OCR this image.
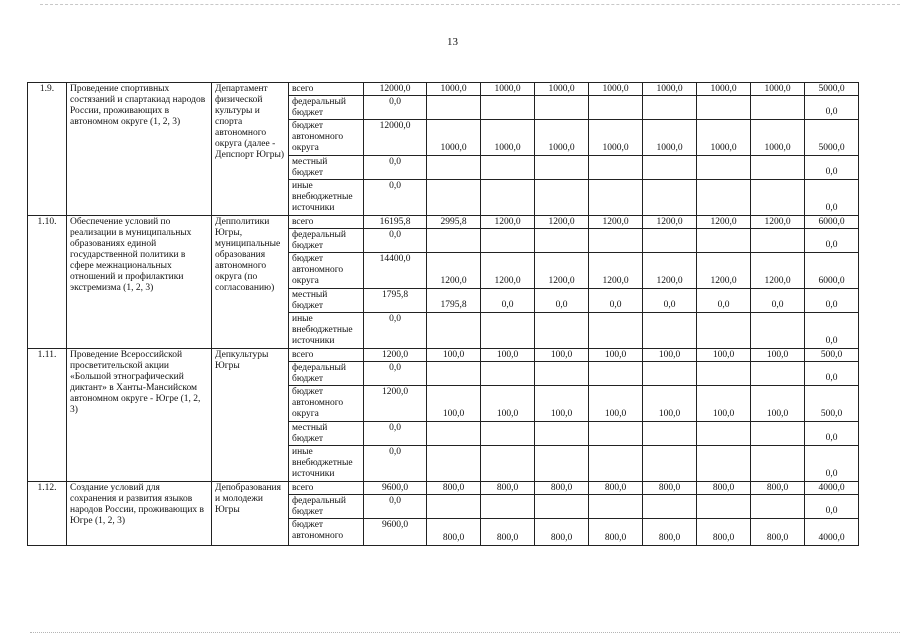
13
1.9.	Проведение спортивных состязаний и спартакиад народов России, проживающих в автономном округе (1, 2, 3)	Департамент физической культуры и спорта автономного округа (далее - Депспорт Югры)	всего	12000,0	1000,0	1000,0	1000,0	1000,0	1000,0	1000,0	1000,0	5000,0
			федеральный бюджет	0,0								0,0
			бюджет автономного округа	12000,0	1000,0	1000,0	1000,0	1000,0	1000,0	1000,0	1000,0	5000,0
			местный бюджет	0,0								0,0
			иные внебюджетные источники	0,0								0,0
1.10.	Обеспечение условий по реализации в муниципальных образованиях единой государственной политики в сфере межнациональных отношений и профилактики экстремизма (1, 2, 3)	Депполитики Югры, муниципальные образования автономного округа (по согласованию)	всего	16195,8	2995,8	1200,0	1200,0	1200,0	1200,0	1200,0	1200,0	6000,0
			федеральный бюджет	0,0								0,0
			бюджет автономного округа	14400,0	1200,0	1200,0	1200,0	1200,0	1200,0	1200,0	1200,0	6000,0
			местный бюджет	1795,8	1795,8	0,0	0,0	0,0	0,0	0,0	0,0	0,0
			иные внебюджетные источники	0,0								0,0
1.11.	Проведение Всероссийской просветительской акции «Большой этнографический диктант» в Ханты-Мансийском автономном округе - Югре (1, 2, 3)	Депкультуры Югры	всего	1200,0	100,0	100,0	100,0	100,0	100,0	100,0	100,0	500,0
			федеральный бюджет	0,0								0,0
			бюджет автономного округа	1200,0	100,0	100,0	100,0	100,0	100,0	100,0	100,0	500,0
			местный бюджет	0,0								0,0
			иные внебюджетные источники	0,0								0,0
1.12.	Создание условий для сохранения и развития языков народов России, проживающих в Югре (1, 2, 3)	Депобразования и молодежи Югры	всего	9600,0	800,0	800,0	800,0	800,0	800,0	800,0	800,0	4000,0
			федеральный бюджет	0,0								0,0
			бюджет автономного	9600,0	800,0	800,0	800,0	800,0	800,0	800,0	800,0	4000,0
